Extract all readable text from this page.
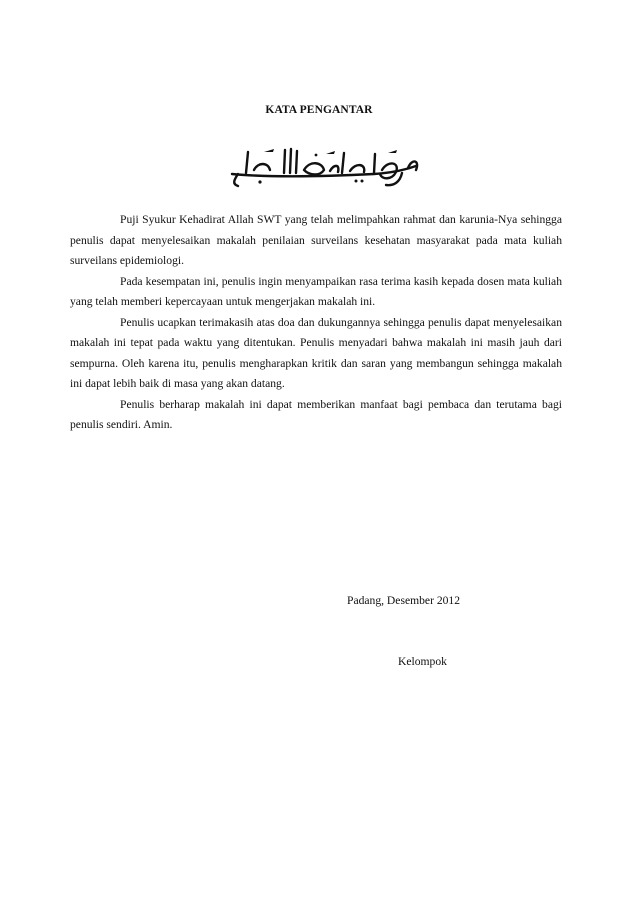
KATA PENGANTAR

Puji Syukur Kehadirat Allah SWT yang telah melimpahkan rahmat dan karunia-Nya sehingga penulis dapat menyelesaikan makalah penilaian surveilans kesehatan masyarakat pada mata kuliah surveilans epidemiologi.

Pada kesempatan ini, penulis ingin menyampaikan rasa terima kasih kepada dosen mata kuliah yang telah memberi kepercayaan untuk mengerjakan makalah ini.

Penulis ucapkan terimakasih atas doa dan dukungannya sehingga penulis dapat menyelesaikan makalah ini tepat pada waktu yang ditentukan. Penulis menyadari bahwa makalah ini masih jauh dari sempurna. Oleh karena itu, penulis mengharapkan kritik dan saran yang membangun sehingga makalah ini dapat lebih baik di masa yang akan datang.

Penulis berharap makalah ini dapat memberikan manfaat bagi pembaca dan terutama bagi penulis sendiri. Amin.

Padang, Desember 2012
Kelompok
